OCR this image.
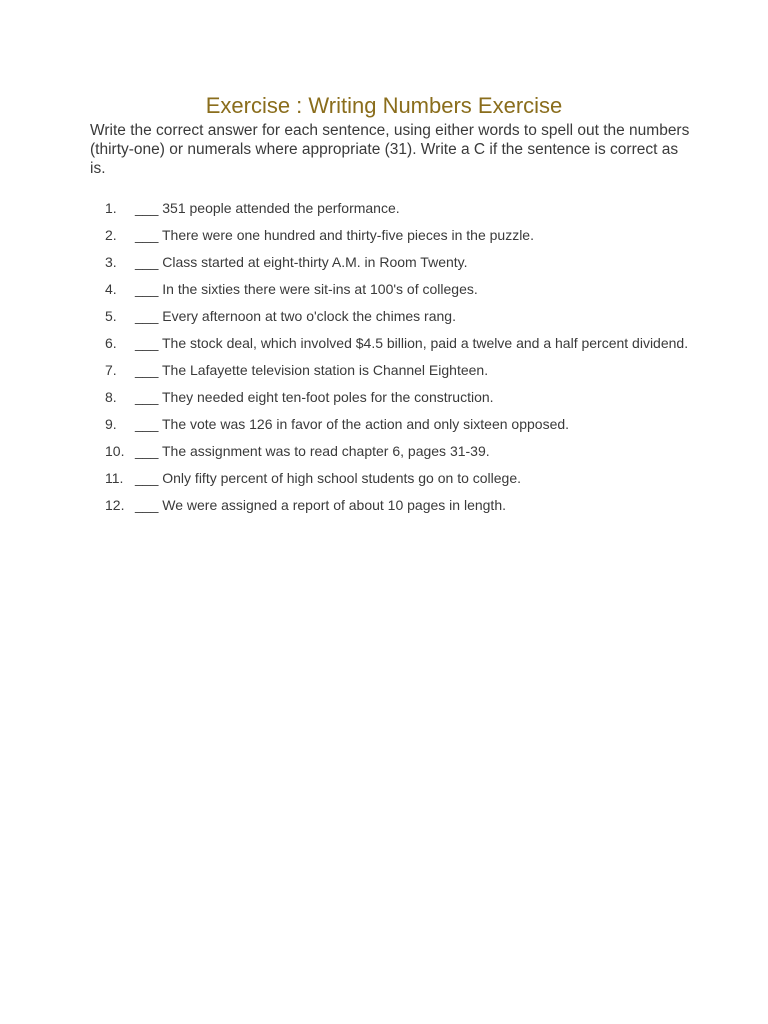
Exercise : Writing Numbers Exercise

Write the correct answer for each sentence, using either words to spell out the numbers (thirty-one) or numerals where appropriate (31). Write a C if the sentence is correct as is.

1.	___ 351 people attended the performance.
2.	___ There were one hundred and thirty-five pieces in the puzzle.
3.	___ Class started at eight-thirty A.M. in Room Twenty.
4.	___ In the sixties there were sit-ins at 100's of colleges.
5.	___ Every afternoon at two o'clock the chimes rang.
6.	___ The stock deal, which involved $4.5 billion, paid a twelve and a half percent dividend.
7.	___ The Lafayette television station is Channel Eighteen.
8.	___ They needed eight ten-foot poles for the construction.
9.	___ The vote was 126 in favor of the action and only sixteen opposed.
10. ___ The assignment was to read chapter 6, pages 31-39.
11. ___ Only fifty percent of high school students go on to college.
12. ___ We were assigned a report of about 10 pages in length.
